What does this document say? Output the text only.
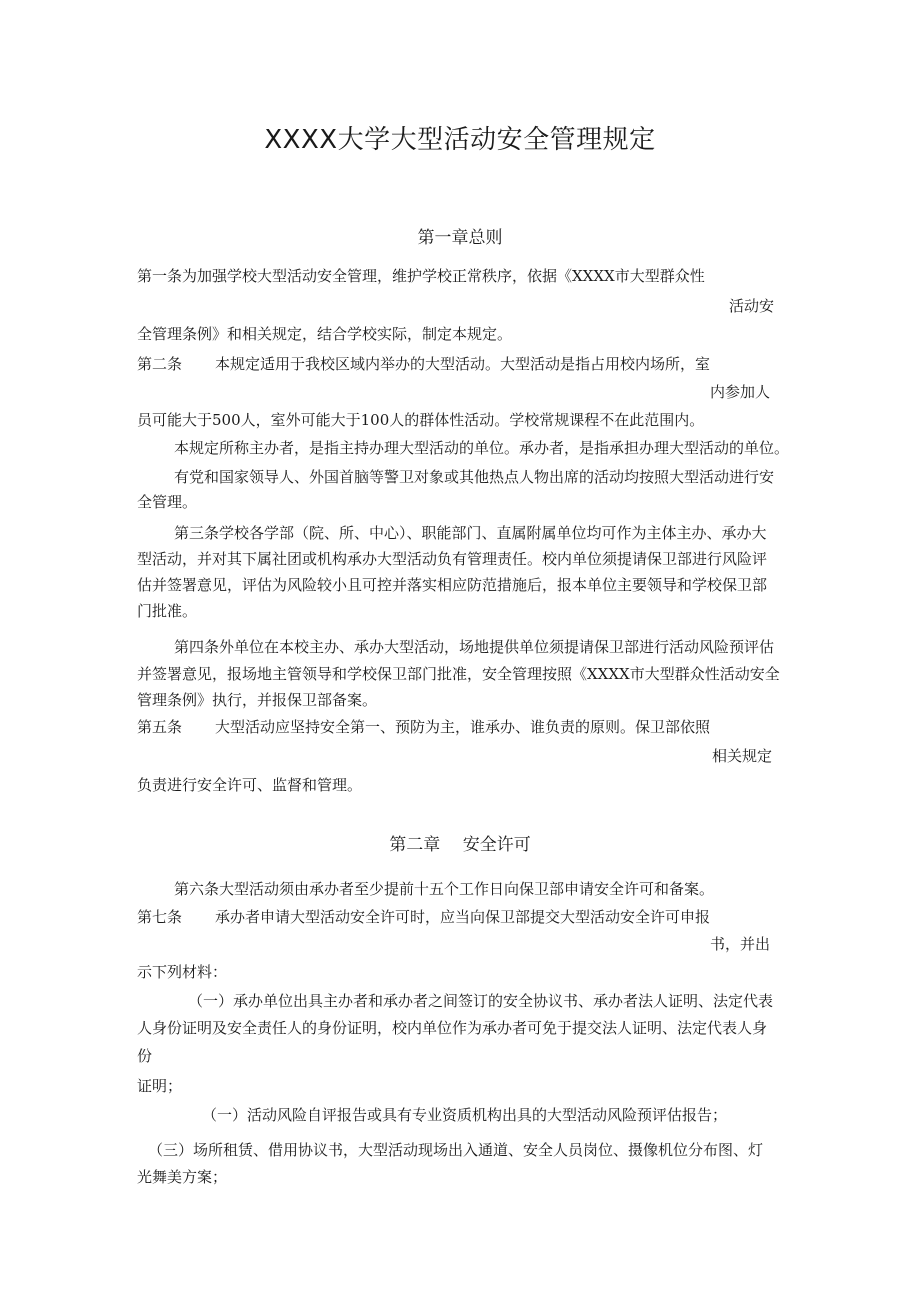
XXXX大学大型活动安全管理规定
第一章总则
第一条为加强学校大型活动安全管理，维护学校正常秩序，依据《XXXX市大型群众性
活动安
全管理条例》和相关规定，结合学校实际，制定本规定。
第二条 本规定适用于我校区域内举办的大型活动。大型活动是指占用校内场所，室
内参加人
员可能大于500人，室外可能大于100人的群体性活动。学校常规课程不在此范围内。
本规定所称主办者，是指主持办理大型活动的单位。承办者，是指承担办理大型活动的单位。
有党和国家领导人、外国首脑等警卫对象或其他热点人物出席的活动均按照大型活动进行安
全管理。
第三条学校各学部（院、所、中心）、职能部门、直属附属单位均可作为主体主办、承办大
型活动，并对其下属社团或机构承办大型活动负有管理责任。校内单位须提请保卫部进行风险评
估并签署意见，评估为风险较小且可控并落实相应防范措施后，报本单位主要领导和学校保卫部
门批准。
第四条外单位在本校主办、承办大型活动，场地提供单位须提请保卫部进行活动风险预评估
并签署意见，报场地主管领导和学校保卫部门批准，安全管理按照《XXXX市大型群众性活动安全
管理条例》执行，并报保卫部备案。
第五条 大型活动应坚持安全第一、预防为主，谁承办、谁负责的原则。保卫部依照
相关规定
负责进行安全许可、监督和管理。
第二章　 安全许可
第六条大型活动须由承办者至少提前十五个工作日向保卫部申请安全许可和备案。
第七条 承办者申请大型活动安全许可时，应当向保卫部提交大型活动安全许可申报
书，并出
示下列材料：
（一）承办单位出具主办者和承办者之间签订的安全协议书、承办者法人证明、法定代表
人身份证明及安全责任人的身份证明，校内单位作为承办者可免于提交法人证明、法定代表人身
份
证明；
（一）活动风险自评报告或具有专业资质机构出具的大型活动风险预评估报告；
（三）场所租赁、借用协议书，大型活动现场出入通道、安全人员岗位、摄像机位分布图、灯
光舞美方案；
